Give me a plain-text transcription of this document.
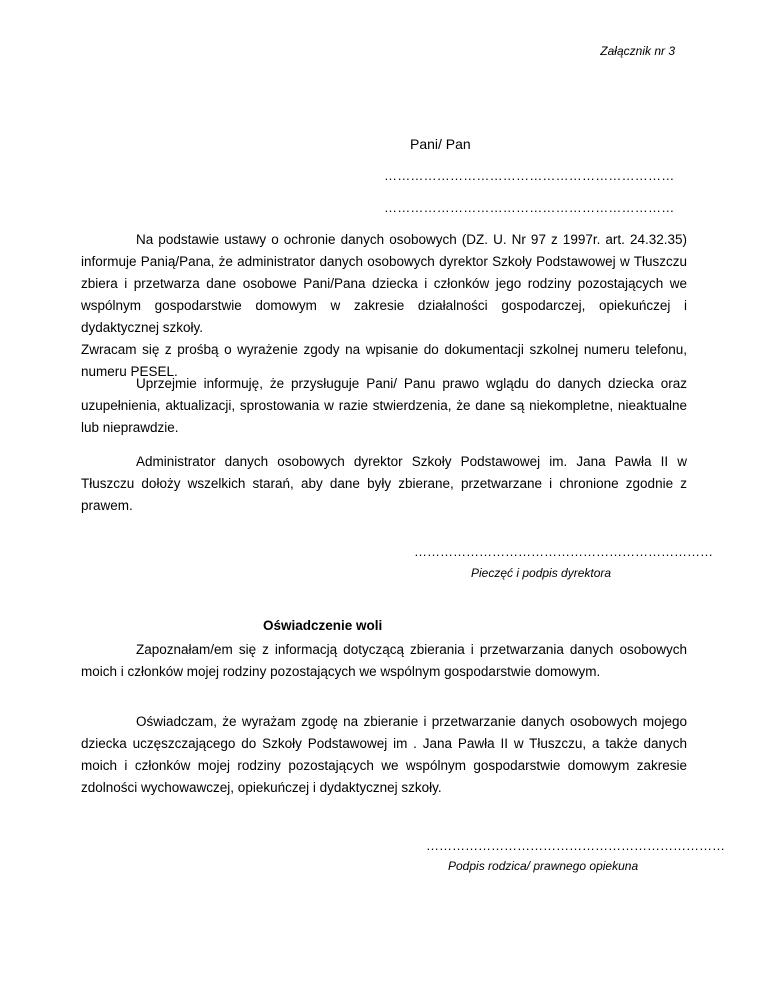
Załącznik nr 3
Pani/ Pan
…………………………………………………………
…………………………………………………………

Na podstawie ustawy o ochronie danych osobowych (DZ. U. Nr 97 z 1997r. art. 24.32.35) informuje Panią/Pana, że administrator danych osobowych dyrektor Szkoły Podstawowej w Tłuszczu zbiera i przetwarza dane osobowe Pani/Pana dziecka i członków jego rodziny pozostających we wspólnym gospodarstwie domowym w zakresie działalności gospodarczej, opiekuńczej i dydaktycznej szkoły.

Zwracam się z prośbą o wyrażenie zgody na wpisanie do dokumentacji szkolnej numeru telefonu, numeru PESEL.

Uprzejmie informuję, że przysługuje Pani/ Panu prawo wglądu do danych dziecka oraz uzupełnienia, aktualizacji, sprostowania w razie stwierdzenia, że dane są niekompletne, nieaktualne lub nieprawdzie.

Administrator danych osobowych dyrektor Szkoły Podstawowej im. Jana Pawła II w Tłuszczu dołoży wszelkich starań, aby dane były zbierane, przetwarzane i chronione zgodnie z prawem.

……………………………………………………………
Pieczęć i podpis dyrektora
Oświadczenie woli

Zapoznałam/em się z informacją dotyczącą zbierania i przetwarzania danych osobowych moich i członków mojej rodziny pozostających we wspólnym gospodarstwie domowym.

Oświadczam, że wyrażam zgodę na zbieranie i przetwarzanie danych osobowych mojego dziecka uczęszczającego do Szkoły Podstawowej im . Jana Pawła II w Tłuszczu, a także danych moich i członków mojej rodziny pozostających we wspólnym gospodarstwie domowym zakresie zdolności wychowawczej, opiekuńczej i dydaktycznej szkoły.

……………………………………………………………
Podpis rodzica/ prawnego opiekuna
